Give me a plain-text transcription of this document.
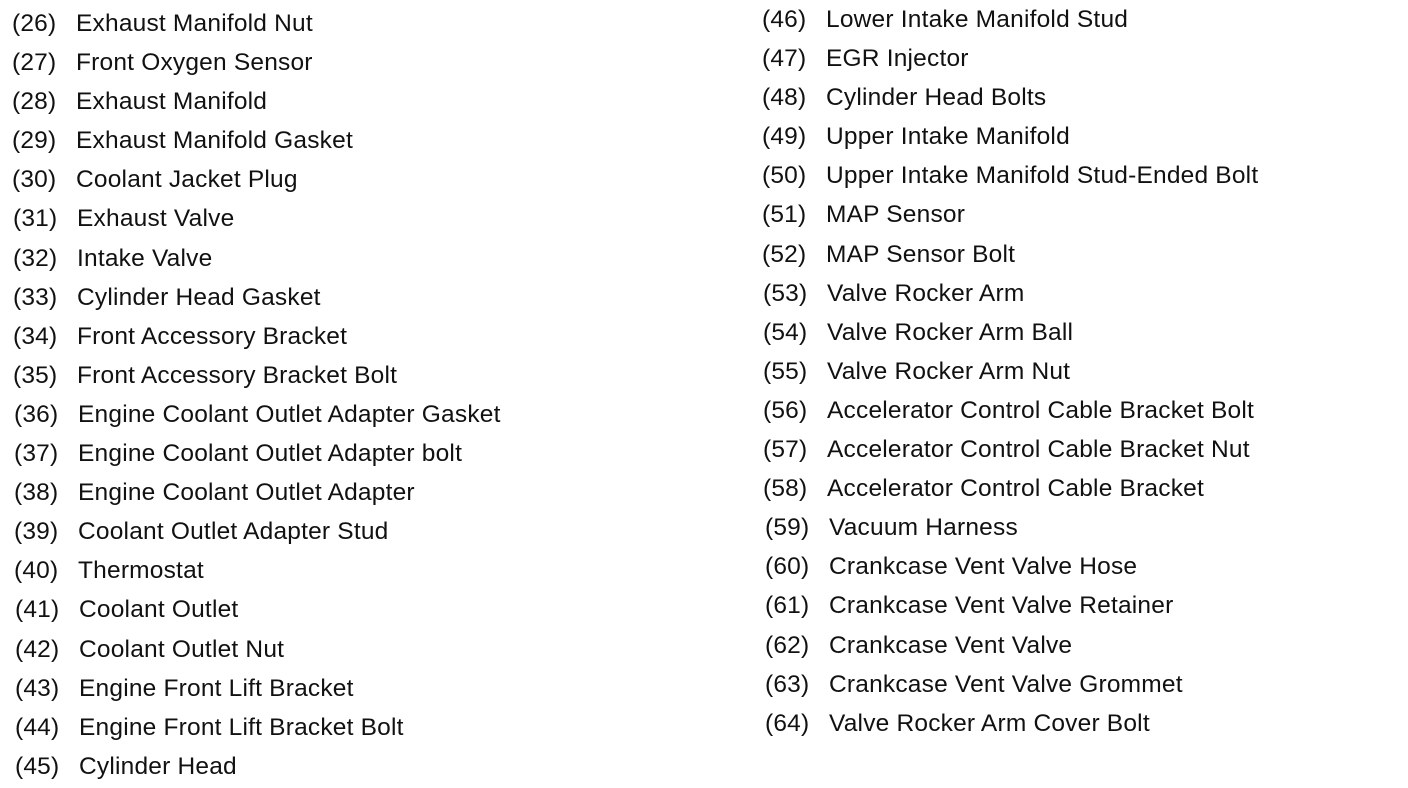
(26) Exhaust Manifold Nut
(27) Front Oxygen Sensor
(28) Exhaust Manifold
(29) Exhaust Manifold Gasket
(30) Coolant Jacket Plug
(31) Exhaust Valve
(32) Intake Valve
(33) Cylinder Head Gasket
(34) Front Accessory Bracket
(35) Front Accessory Bracket Bolt
(36) Engine Coolant Outlet Adapter Gasket
(37) Engine Coolant Outlet Adapter bolt
(38) Engine Coolant Outlet Adapter
(39) Coolant Outlet Adapter Stud
(40) Thermostat
(41) Coolant Outlet
(42) Coolant Outlet Nut
(43) Engine Front Lift Bracket
(44) Engine Front Lift Bracket Bolt
(45) Cylinder Head
(46) Lower Intake Manifold Stud
(47) EGR Injector
(48) Cylinder Head Bolts
(49) Upper Intake Manifold
(50) Upper Intake Manifold Stud-Ended Bolt
(51) MAP Sensor
(52) MAP Sensor Bolt
(53) Valve Rocker Arm
(54) Valve Rocker Arm Ball
(55) Valve Rocker Arm Nut
(56) Accelerator Control Cable Bracket Bolt
(57) Accelerator Control Cable Bracket Nut
(58) Accelerator Control Cable Bracket
(59) Vacuum Harness
(60) Crankcase Vent Valve Hose
(61) Crankcase Vent Valve Retainer
(62) Crankcase Vent Valve
(63) Crankcase Vent Valve Grommet
(64) Valve Rocker Arm Cover Bolt
